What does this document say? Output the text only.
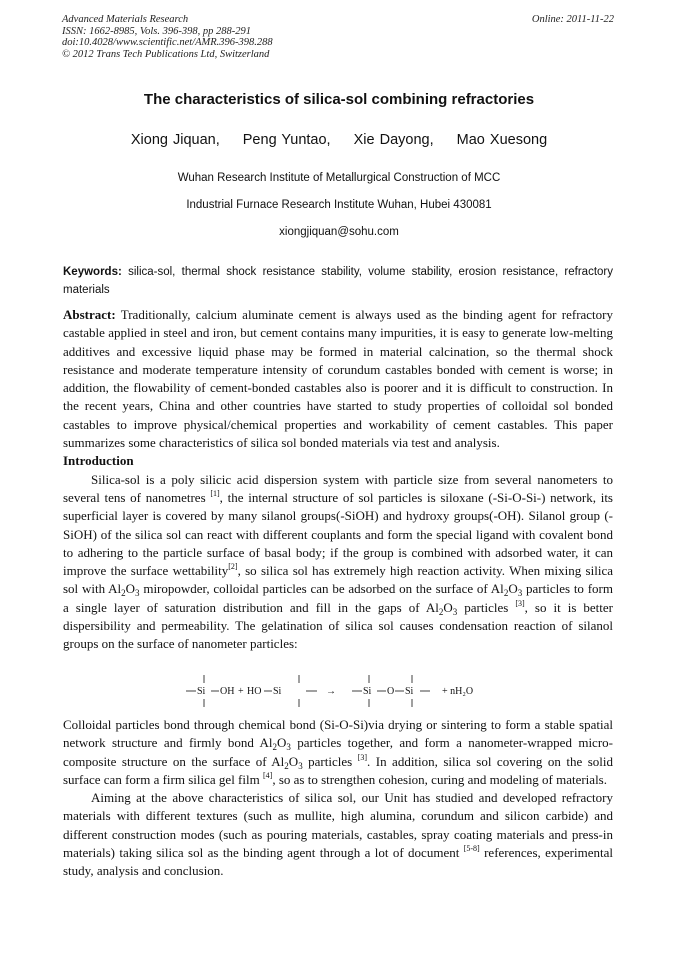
Advanced Materials Research
ISSN: 1662-8985, Vols. 396-398, pp 288-291
doi:10.4028/www.scientific.net/AMR.396-398.288
© 2012 Trans Tech Publications Ltd, Switzerland
Online: 2011-11-22
The characteristics of silica-sol combining refractories
Xiong Jiquan, Peng Yuntao, Xie Dayong, Mao Xuesong
Wuhan Research Institute of Metallurgical Construction of MCC
Industrial Furnace Research Institute Wuhan, Hubei 430081
xiongjiquan@sohu.com
Keywords: silica-sol, thermal shock resistance stability, volume stability, erosion resistance, refractory materials

Abstract: Traditionally, calcium aluminate cement is always used as the binding agent for refractory castable applied in steel and iron, but cement contains many impurities, it is easy to generate low-melting additives and excessive liquid phase may be formed in material calcination, so the thermal shock resistance and moderate temperature intensity of corundum castables bonded with cement is worse; in addition, the flowability of cement-bonded castables also is poorer and it is difficult to construction. In the recent years, China and other countries have started to study properties of colloidal sol bonded castables to improve physical/chemical properties and workability of cement castables. This paper summarizes some characteristics of silica sol bonded materials via test and analysis.

Introduction

Silica-sol is a poly silicic acid dispersion system with particle size from several nanometers to several tens of nanometres [1], the internal structure of sol particles is siloxane (-Si-O-Si-) network, its superficial layer is covered by many silanol groups(-SiOH) and hydroxy groups(-OH). Silanol group (-SiOH) of the silica sol can react with different couplants and form the special ligand with covalent bond to adhering to the particle surface of basal body; if the group is combined with adsorbed water, it can improve the surface wettability[2], so silica sol has extremely high reaction activity. When mixing silica sol with $Al_2O_3$ miropowder, colloidal particles can be adsorbed on the surface of $Al_2O_3$ particles to form a single layer of saturation distribution and fill in the gaps of $Al_2O_3$ particles [3], so it is better dispersibility and permeability. The gelatination of silica sol causes condensation reaction of silanol groups on the surface of nanometer particles:

Si OH + HO Si	→	Si O Si	+ nH₂O

Colloidal particles bond through chemical bond (Si-O-Si)via drying or sintering to form a stable spatial network structure and firmly bond $Al_2O_3$ particles together, and form a nanometer-wrapped micro-composite structure on the surface of $Al_2O_3$ particles [3]. In addition, silica sol covering on the solid surface can form a firm silica gel film [4], so as to strengthen cohesion, curing and modeling of materials.

Aiming at the above characteristics of silica sol, our Unit has studied and developed refractory materials with different textures (such as mullite, high alumina, corundum and silicon carbide) and different construction modes (such as pouring materials, castables, spray coating materials and press-in materials) taking silica sol as the binding agent through a lot of document [5-8] references, experimental study, analysis and conclusion.
